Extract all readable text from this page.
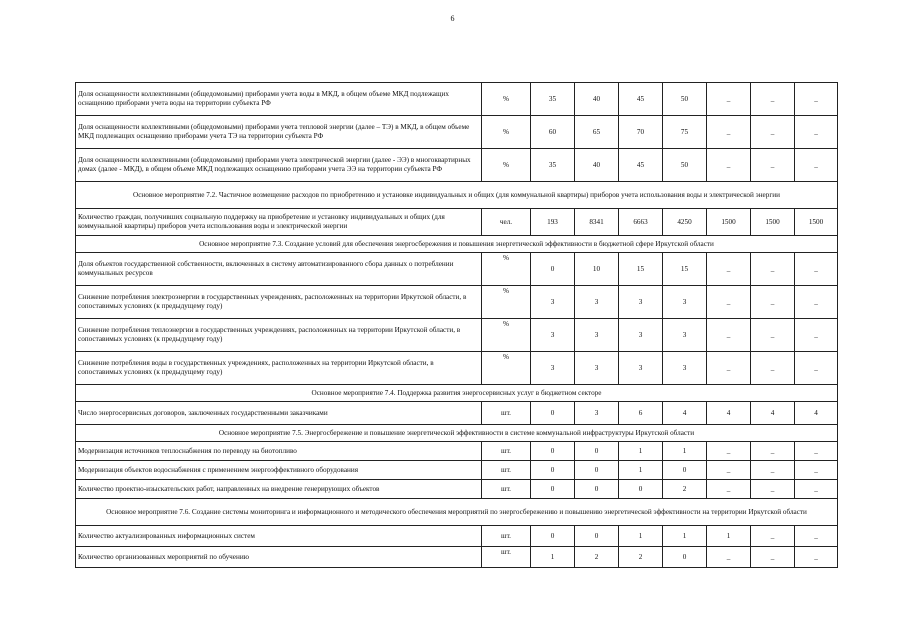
6
Доля оснащенности коллективными (общедомовыми) приборами учета воды в МКД, в общем объеме МКД подлежащих оснащению приборами учета воды на территории субъекта РФ	%	35	40	45	50	_	_	_
Доля оснащенности коллективными (общедомовыми) приборами учета тепловой энергии (далее – ТЭ) в МКД, в общем объеме МКД подлежащих оснащению приборами учета ТЭ на территории субъекта РФ	%	60	65	70	75	_	_	_
Доля оснащенности коллективными (общедомовыми) приборами учета электрической энергии (далее - ЭЭ) в многоквартирных домах (далее - МКД), в общем объеме МКД подлежащих оснащению приборами учета ЭЭ на территории субъекта РФ	%	35	40	45	50	_	_	_
Основное мероприятие 7.2. Частичное возмещение расходов по приобретению и установке индивидуальных и общих (для коммунальной квартиры) приборов учета использования воды и электрической энергии								
Количество граждан, получивших социальную поддержку на приобретение и установку индивидуальных и общих (для коммунальной квартиры) приборов учета использования воды и электрической энергии	чел.	193	8341	6663	4250	1500	1500	1500
Основное мероприятие 7.3. Создание условий для обеспечения энергосбережения и повышения энергетической эффективности в бюджетной сфере Иркутской области								
Доля объектов государственной собственности, включенных в систему автоматизированного сбора данных о потреблении коммунальных ресурсов	%	0	10	15	15	_	_	_
Снижение потребления электроэнергии в государственных учреждениях, расположенных на территории Иркутской области, в сопоставимых условиях (к предыдущему году)	%	3	3	3	3	_	_	_
Снижение потребления теплоэнергии в государственных учреждениях, расположенных на территории Иркутской области, в сопоставимых условиях (к предыдущему году)	%	3	3	3	3	_	_	_
Снижение потребления воды в государственных учреждениях, расположенных на территории Иркутской области, в сопоставимых условиях (к предыдущему году)	%	3	3	3	3	_	_	_
Основное мероприятие 7.4. Поддержка развития энергосервисных услуг в бюджетном секторе								
Число энергосервисных договоров, заключенных государственными заказчиками	шт.	0	3	6	4	4	4	4
Основное мероприятие 7.5. Энергосбережение и повышение энергетической эффективности в системе коммунальной инфраструктуры Иркутской области								
Модернизация источников теплоснабжения по переводу на биотопливо	шт.	0	0	1	1	_	_	_
Модернизация объектов водоснабжения с применением энергоэффективного оборудования	шт.	0	0	1	0	_	_	_
Количество проектно-изыскательских работ, направленных на внедрение генерирующих объектов	шт.	0	0	0	2	_	_	_
Основное мероприятие 7.6. Создание системы мониторинга и информационного и методического обеспечения мероприятий по энергосбережению и повышению энергетической эффективности на территории Иркутской области								
Количество актуализированных информационных систем	шт.	0	0	1	1	1	_	_
Количество организованных мероприятий по обучению	шт.	1	2	2	0	_	_	_
